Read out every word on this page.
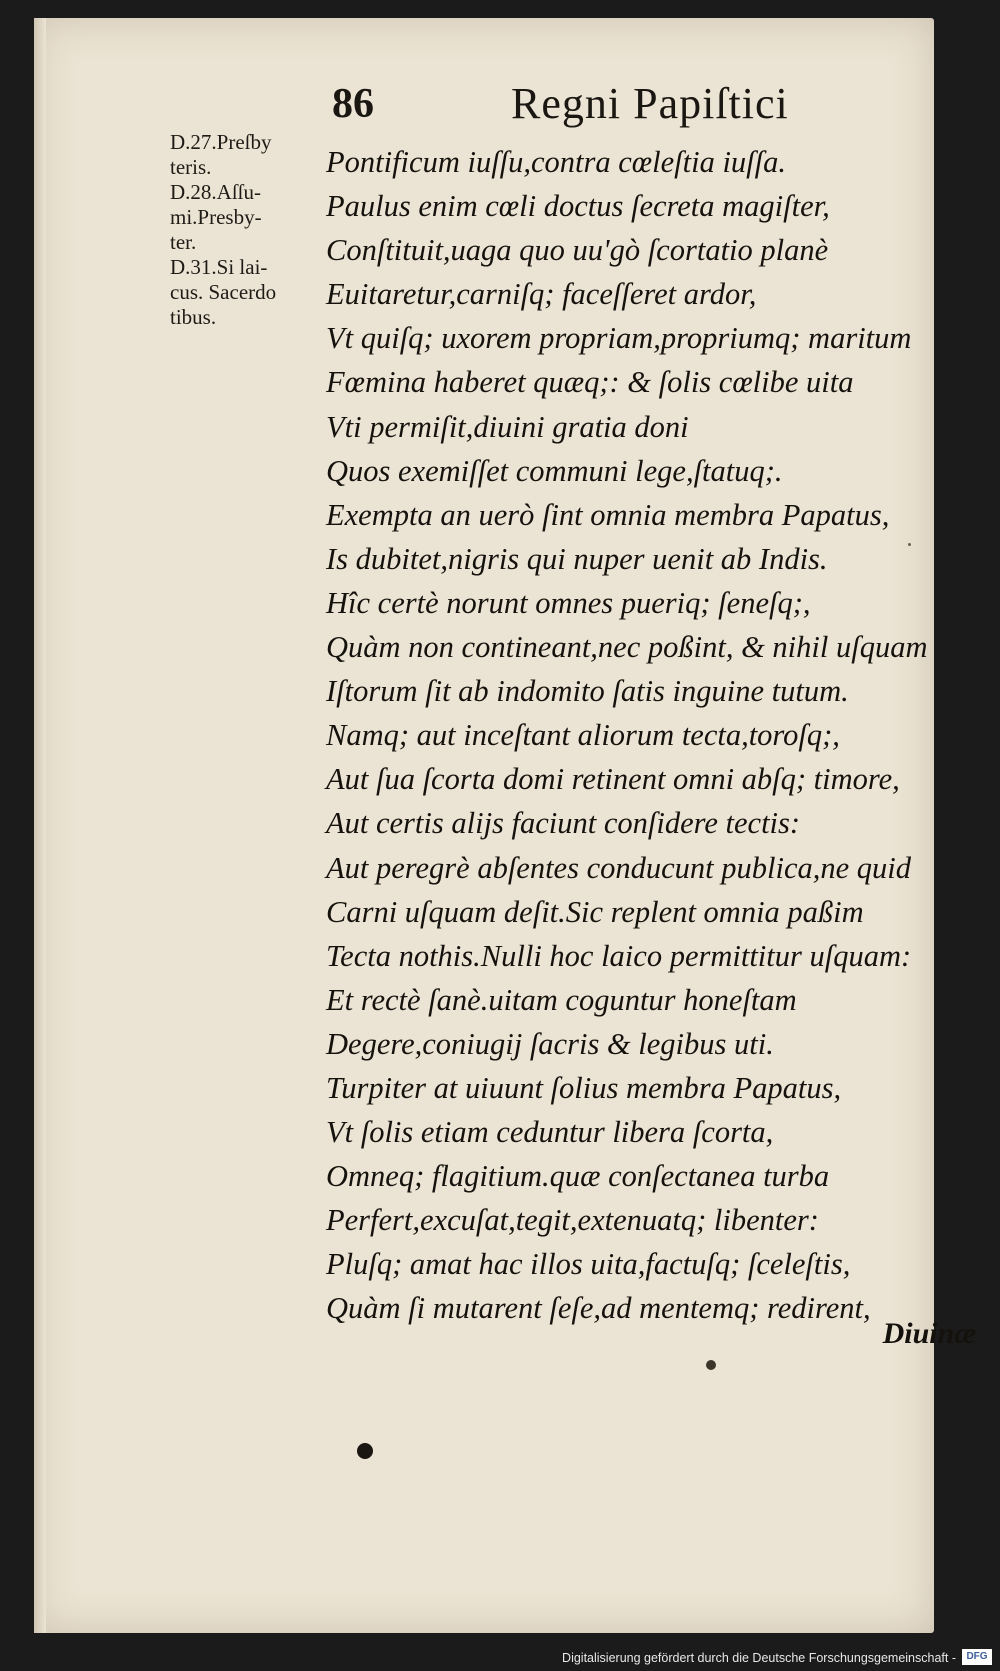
86	Regni Papiſtici
D.27.Preſby
teris.
D.28.Aſſu-
mi.Presby-
ter.
D.31.Si lai-
cus. Sacerdo
tibus.
Pontificum iuſſu,contra cœleſtia iuſſa.
Paulus enim cœli doctus ſecreta magiſter,
Conſtituit,uaga quo uu'gò ſcortatio planè
Euitaretur,carniſq; faceſſeret ardor,
Vt quiſq; uxorem propriam,propriumq; maritum
Fœmina haberet quæq;: & ſolis cœlibe uita
Vti permiſit,diuini gratia doni
Quos exemiſſet communi lege,ſtatuq;.
Exempta an uerò ſint omnia membra Papatus,
Is dubitet,nigris qui nuper uenit ab Indis.
Hîc certè norunt omnes pueriq; ſeneſq;,
Quàm non contineant,nec poßint, & nihil uſquam
Iſtorum ſit ab indomito ſatis inguine tutum.
Namq; aut inceſtant aliorum tecta,toroſq;,
Aut ſua ſcorta domi retinent omni abſq; timore,
Aut certis alijs faciunt conſidere tectis:
Aut peregrè abſentes conducunt publica,ne quid
Carni uſquam deſit.Sic replent omnia paßim
Tecta nothis.Nulli hoc laico permittitur uſquam:
Et rectè ſanè.uitam coguntur honeſtam
Degere,coniugij ſacris & legibus uti.
Turpiter at uiuunt ſolius membra Papatus,
Vt ſolis etiam ceduntur libera ſcorta,
Omneq; flagitium.quæ conſectanea turba
Perfert,excuſat,tegit,extenuatq; libenter:
Pluſq; amat hac illos uita,factuſq; ſceleſtis,
Quàm ſi mutarent ſeſe,ad mentemq; redirent,
Diuinæ
Digitalisierung gefördert durch die Deutsche Forschungsgemeinschaft -	DFG
